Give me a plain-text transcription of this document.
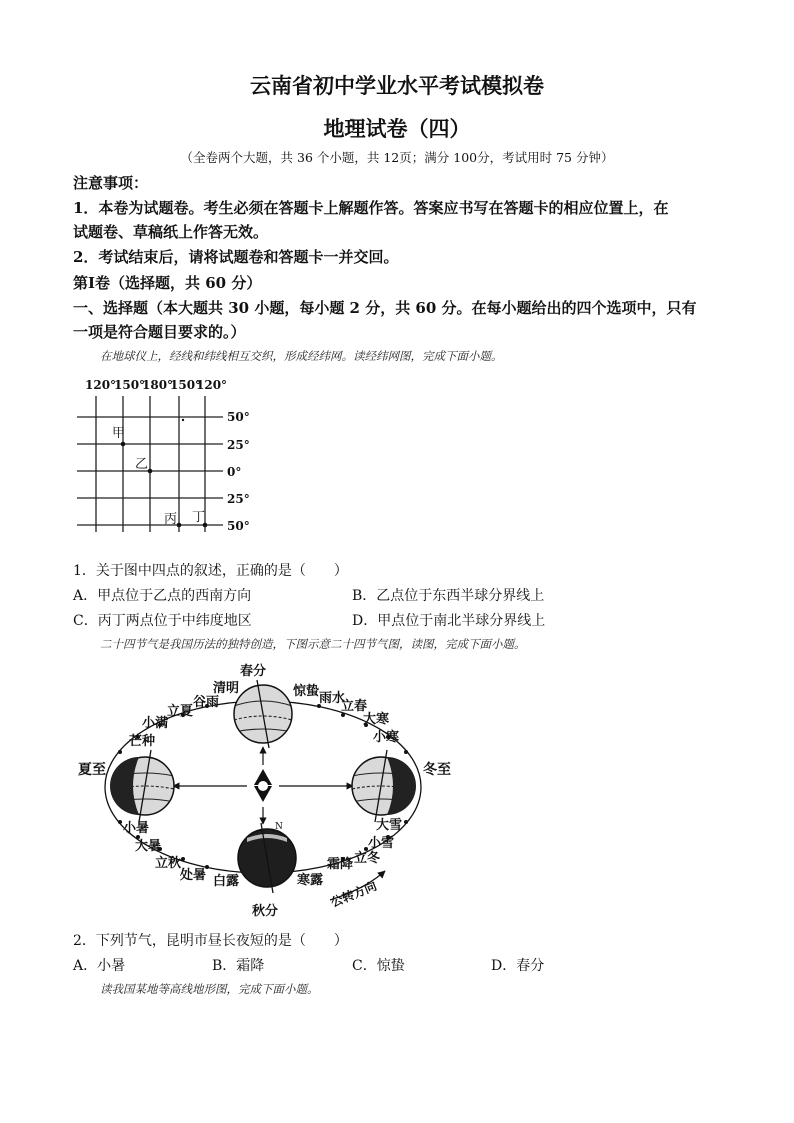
云南省初中学业水平考试模拟卷
地理试卷（四）
（全卷两个大题，共 36 个小题，共 12页；满分 100分，考试用时 75 分钟）
注意事项：
1．本卷为试题卷。考生必须在答题卡上解题作答。答案应书写在答题卡的相应位置上，在
试题卷、草稿纸上作答无效。
2．考试结束后，请将试题卷和答题卡一并交回。
第Ⅰ卷（选择题，共 60 分）
一、选择题（本大题共 30 小题，每小题 2 分，共 60 分。在每小题给出的四个选项中，只有
一项是符合题目要求的。）
在地球仪上，经线和纬线相互交织，形成经纬网。读经纬网图，完成下面小题。
120°
150°
180°
150°
120°
50°
25°
0°
25°
50°
甲
乙
丙 丁
1．关于图中四点的叙述，正确的是（　　）
A．甲点位于乙点的西南方向	B．乙点位于东西半球分界线上
C．丙丁两点位于中纬度地区	D．甲点位于南北半球分界线上
二十四节气是我国历法的独特创造，下图示意二十四节气图，读图，完成下面小题。
N
春分
清明
谷雨
立夏
小满
芒种
夏至
小暑
大暑
立秋
处暑 白露
秋分
寒露
霜降 立冬
小雪
大雪
冬至
小寒
大寒
立春
雨水
惊蛰
公转方向
2．下列节气，昆明市昼长夜短的是（　　）
A．小暑	B．霜降	C．惊蛰	D．春分
读我国某地等高线地形图，完成下面小题。
